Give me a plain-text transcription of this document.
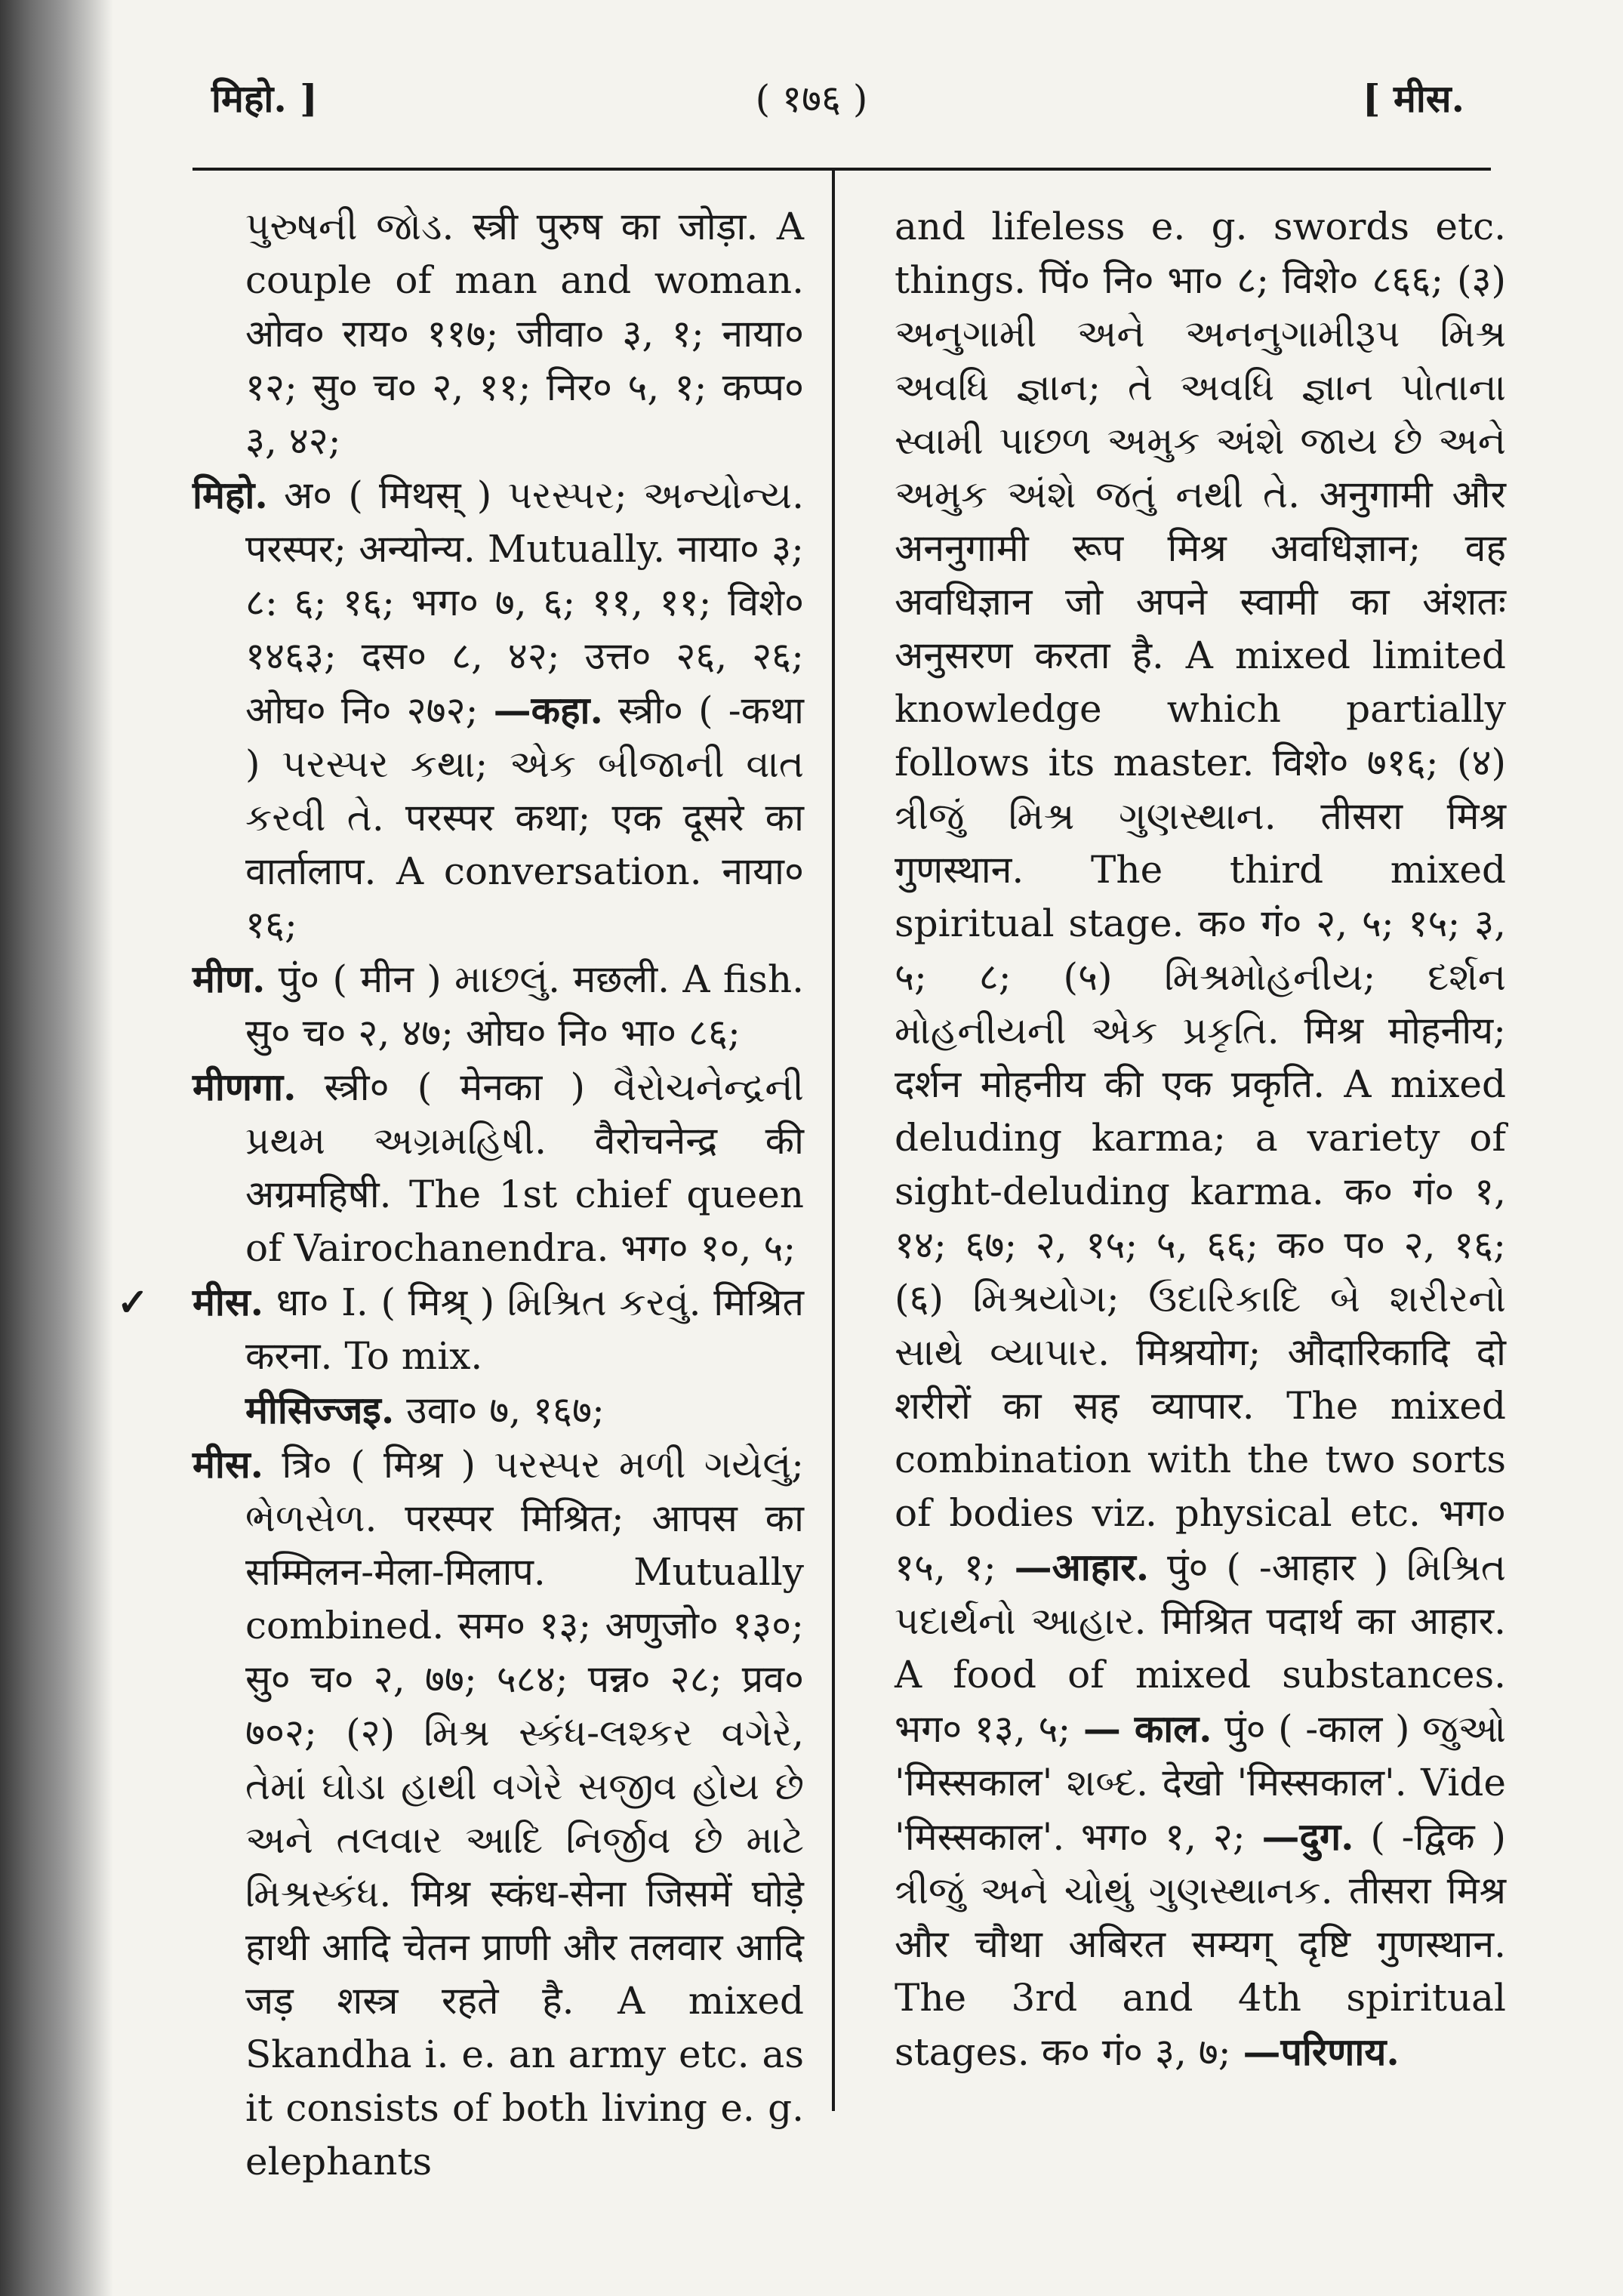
मिहो. ]	( १७६ )	[ मीस.

પુરુષની જોડ. स्त्री पुरुष का जोड़ा. A couple of man and woman. ओव० राय० ११७; जीवा० ३, १; नाया० १२; सु० च० २, ११; निर० ५, १; कप्प० ३, ४२;

मिहो. अ० ( मिथस् ) પરસ્પર; અન્યોન્ય. परस्पर; अन्योन्य. Mutually. नाया० ३; ८: ६; १६; भग० ७, ६; ११, ११; विशे० १४६३; दस० ८, ४२; उत्त० २६, २६; ओघ० नि० २७२; —कहा. स्त्री० ( -कथा ) પરસ્પર કથા; એક બીજાની વાત કરવી તે. परस्पर कथा; एक दूसरे का वार्तालाप. A conversation. नाया० १६;

मीण. पुं० ( मीन ) માછલું. मछली. A fish. सु० च० २, ४७; ओघ० नि० भा० ८६;

मीणगा. स्त्री० ( मेनका ) વૈરોચનેન્દ્રની પ્રથમ અગ્રમહિષી. वैरोचनेन्द्र की अग्रमहिषी. The 1st chief queen of Vairochanendra. भग० १०, ५;

✓	मीस. धा० I. ( मिश्र् ) મિશ્રિત કરવું. मिश्रित करना. To mix.

मीसिज्जइ. उवा० ७, १६७;

मीस. त्रि० ( मिश्र ) પરસ્પર મળી ગયેલું; ભેળસેળ. परस्पर मिश्रित; आपस का सम्मिलन-मेला-मिलाप. Mutually combined. सम० १३; अणुजो० १३०; सु० च० २, ७७; ५८४; पन्न० २८; प्रव० ७०२; (२) મિશ્ર સ્કંધ-લશ્કર વગેરે, તેમાં ઘોડા હાથી વગેરે સજીવ હોય છે અને તલવાર આદિ નિર્જીવ છે માટે મિશ્રસ્કંધ. मिश्र स्कंध-सेना जिसमें घोड़े हाथी आदि चेतन प्राणी और तलवार आदि जड़ शस्त्र रहते है. A mixed Skandha i. e. an army etc. as it consists of both living e. g. elephants

and lifeless e. g. swords etc. things. पिं० नि० भा० ८; विशे० ८६६; (३) અનુગામી અને અનનુગામીરૂપ મિશ્ર અવધિ જ્ઞાન; તે અવધિ જ્ઞાન પોતાના સ્વામી પાછળ અમુક અંશે જાય છે અને અમુક અંશે જતું નથી તે. अनुगामी और अननुगामी रूप मिश्र अवधिज्ञान; वह अवधिज्ञान जो अपने स्वामी का अंशतः अनुसरण करता है. A mixed limited knowledge which partially follows its master. विशे० ७१६; (४) ત્રીજું મિશ્ર ગુણસ્થાન. तीसरा मिश्र गुणस्थान. The third mixed spiritual stage. क० गं० २, ५; १५; ३, ५; ८; (५) મિશ્રમોહનીય; દર્શન મોહનીયની એક પ્રકૃતિ. मिश्र मोहनीय; दर्शन मोहनीय की एक प्रकृति. A mixed deluding karma; a variety of sight-deluding karma. क० गं० १, १४; ६७; २, १५; ५, ६६; क० प० २, १६; (६) મિશ્રયોગ; ઉદારિકાદિ બે શરીરનો સાથે વ્યાપાર. मिश्रयोग; औदारिकादि दो शरीरों का सह व्यापार. The mixed combination with the two sorts of bodies viz. physical etc. भग० १५, १; —आहार. पुं० ( -आहार ) મિશ્રિત પદાર્થનો આહાર. मिश्रित पदार्थ का आहार. A food of mixed substances. भग० १३, ५; — काल. पुं० ( -काल ) જુઓ 'मिस्सकाल' શબ્દ. देखो 'मिस्सकाल'. Vide 'मिस्सकाल'. भग० १, २; —दुग. ( -द्विक ) ત્રીજું અને ચોથું ગુણસ્થાનક. तीसरा मिश्र और चौथा अबिरत सम्यग् दृष्टि गुणस्थान. The 3rd and 4th spiritual stages. क० गं० ३, ७; —परिणाय.
